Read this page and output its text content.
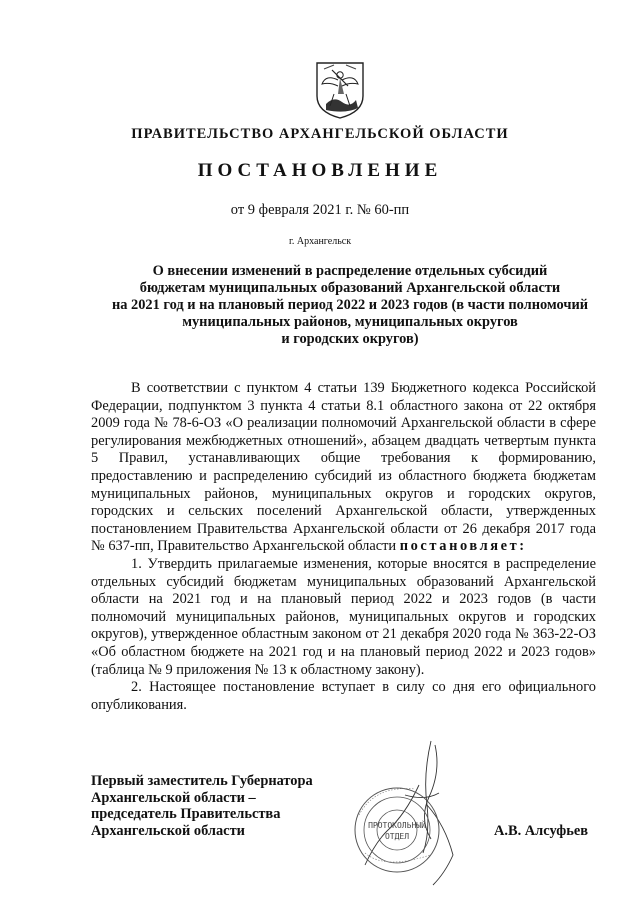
ПРАВИТЕЛЬСТВО АРХАНГЕЛЬСКОЙ ОБЛАСТИ
ПОСТАНОВЛЕНИЕ
от 9 февраля 2021 г. № 60-пп
г. Архангельск
О внесении изменений в распределение отдельных субсидий
бюджетам муниципальных образований Архангельской области
на 2021 год и на плановый период 2022 и 2023 годов (в части полномочий
муниципальных районов, муниципальных округов
и городских округов)
В соответствии с пунктом 4 статьи 139 Бюджетного кодекса Российской Федерации, подпунктом 3 пункта 4 статьи 8.1 областного закона от 22 октября 2009 года № 78-6-ОЗ «О реализации полномочий Архангельской области в сфере регулирования межбюджетных отношений», абзацем двадцать четвертым пункта 5 Правил, устанавливающих общие требования к формированию, предоставлению и распределению субсидий из областного бюджета бюджетам муниципальных районов, муниципальных округов и городских округов, городских и сельских поселений Архангельской области, утвержденных постановлением Правительства Архангельской области от 26 декабря 2017 года № 637-пп, Правительство Архангельской области постановляет:
1. Утвердить прилагаемые изменения, которые вносятся в распределение отдельных субсидий бюджетам муниципальных образований Архангельской области на 2021 год и на плановый период 2022 и 2023 годов (в части полномочий муниципальных районов, муниципальных округов и городских округов), утвержденное областным законом от 21 декабря 2020 года № 363-22-ОЗ «Об областном бюджете на 2021 год и на плановый период 2022 и 2023 годов» (таблица № 9 приложения № 13 к областному закону).
2. Настоящее постановление вступает в силу со дня его официального опубликования.
ПРОТОКОЛЬНЫЙ
ОТДЕЛ
Первый заместитель Губернатора
Архангельской области –
председатель Правительства
Архангельской области	А.В. Алсуфьев
